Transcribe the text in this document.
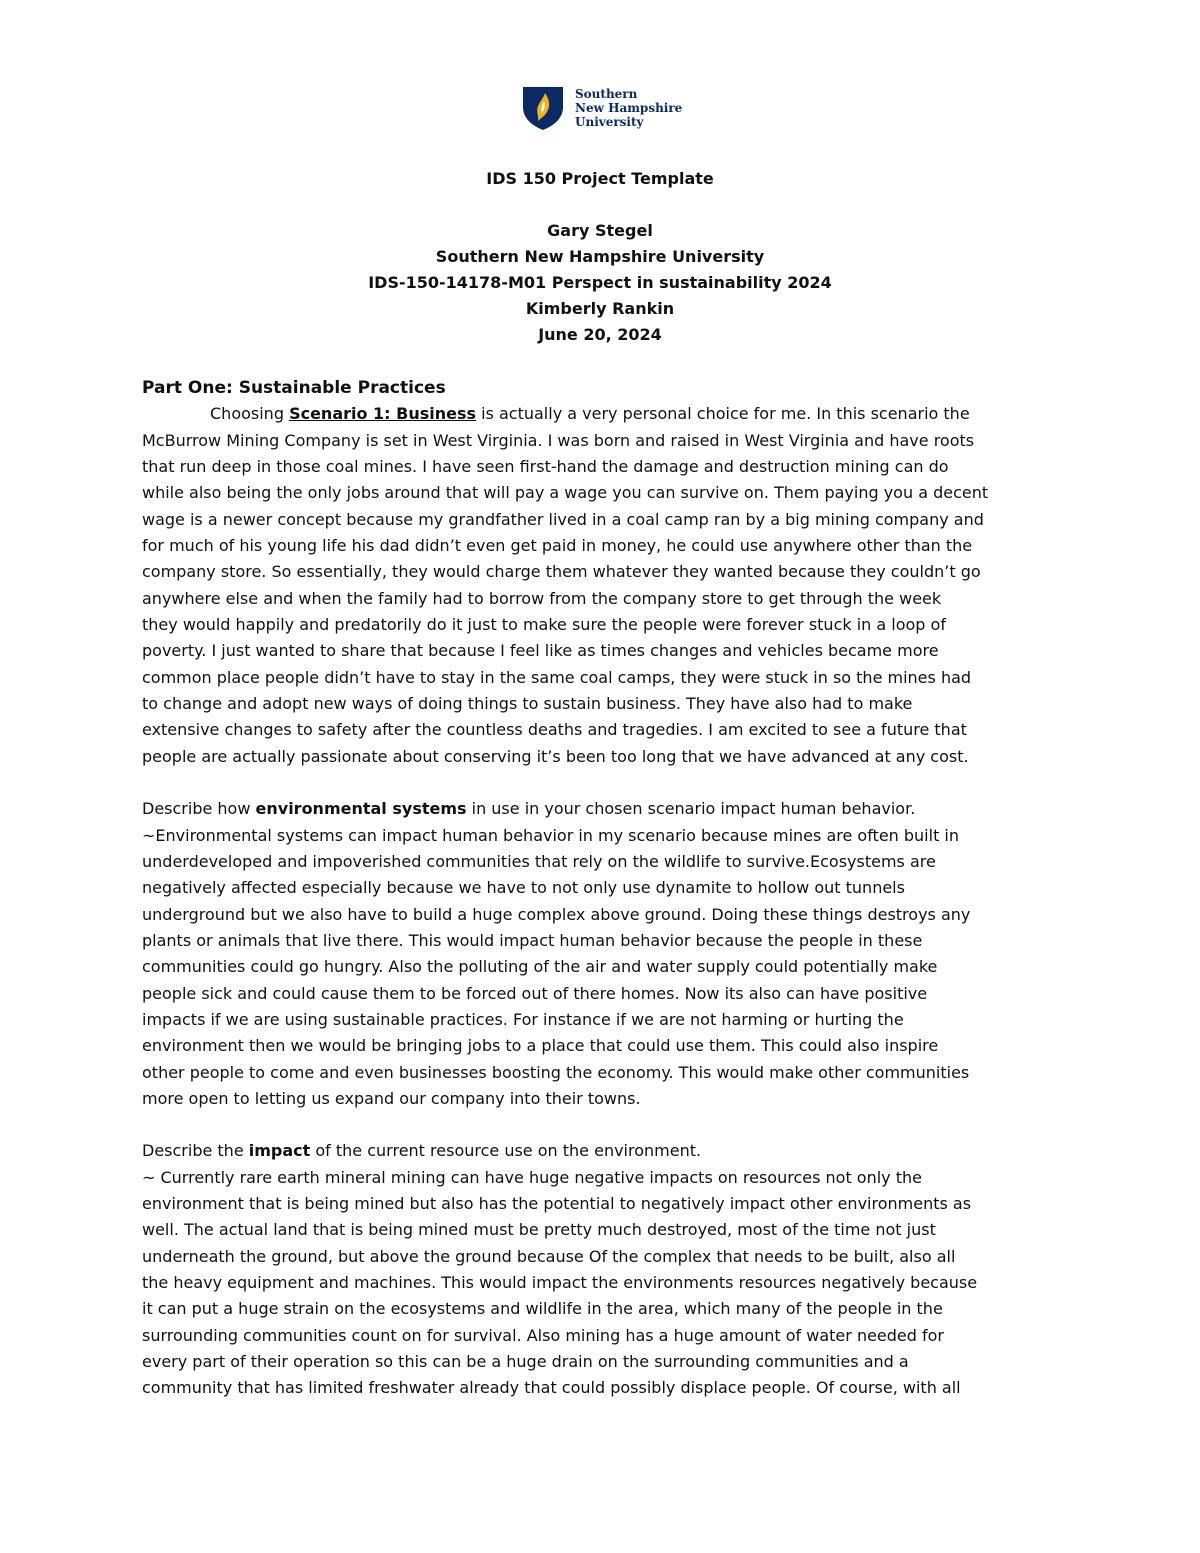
Southern
New Hampshire
University
IDS 150 Project Template
Gary Stegel
Southern New Hampshire University
IDS-150-14178-M01 Perspect in sustainability 2024
Kimberly Rankin
June 20, 2024
Part One: Sustainable Practices
Choosing Scenario 1: Business is actually a very personal choice for me. In this scenario the
McBurrow Mining Company is set in West Virginia. I was born and raised in West Virginia and have roots
that run deep in those coal mines. I have seen first-hand the damage and destruction mining can do
while also being the only jobs around that will pay a wage you can survive on. Them paying you a decent
wage is a newer concept because my grandfather lived in a coal camp ran by a big mining company and
for much of his young life his dad didn’t even get paid in money, he could use anywhere other than the
company store. So essentially, they would charge them whatever they wanted because they couldn’t go
anywhere else and when the family had to borrow from the company store to get through the week
they would happily and predatorily do it just to make sure the people were forever stuck in a loop of
poverty. I just wanted to share that because I feel like as times changes and vehicles became more
common place people didn’t have to stay in the same coal camps, they were stuck in so the mines had
to change and adopt new ways of doing things to sustain business. They have also had to make
extensive changes to safety after the countless deaths and tragedies. I am excited to see a future that
people are actually passionate about conserving it’s been too long that we have advanced at any cost.
Describe how environmental systems in use in your chosen scenario impact human behavior.
~Environmental systems can impact human behavior in my scenario because mines are often built in
underdeveloped and impoverished communities that rely on the wildlife to survive.Ecosystems are
negatively affected especially because we have to not only use dynamite to hollow out tunnels
underground but we also have to build a huge complex above ground. Doing these things destroys any
plants or animals that live there. This would impact human behavior because the people in these
communities could go hungry. Also the polluting of the air and water supply could potentially make
people sick and could cause them to be forced out of there homes. Now its also can have positive
impacts if we are using sustainable practices. For instance if we are not harming or hurting the
environment then we would be bringing jobs to a place that could use them. This could also inspire
other people to come and even businesses boosting the economy. This would make other communities
more open to letting us expand our company into their towns.
Describe the impact of the current resource use on the environment.
~ Currently rare earth mineral mining can have huge negative impacts on resources not only the
environment that is being mined but also has the potential to negatively impact other environments as
well. The actual land that is being mined must be pretty much destroyed, most of the time not just
underneath the ground, but above the ground because Of the complex that needs to be built, also all
the heavy equipment and machines. This would impact the environments resources negatively because
it can put a huge strain on the ecosystems and wildlife in the area, which many of the people in the
surrounding communities count on for survival. Also mining has a huge amount of water needed for
every part of their operation so this can be a huge drain on the surrounding communities and a
community that has limited freshwater already that could possibly displace people. Of course, with all
